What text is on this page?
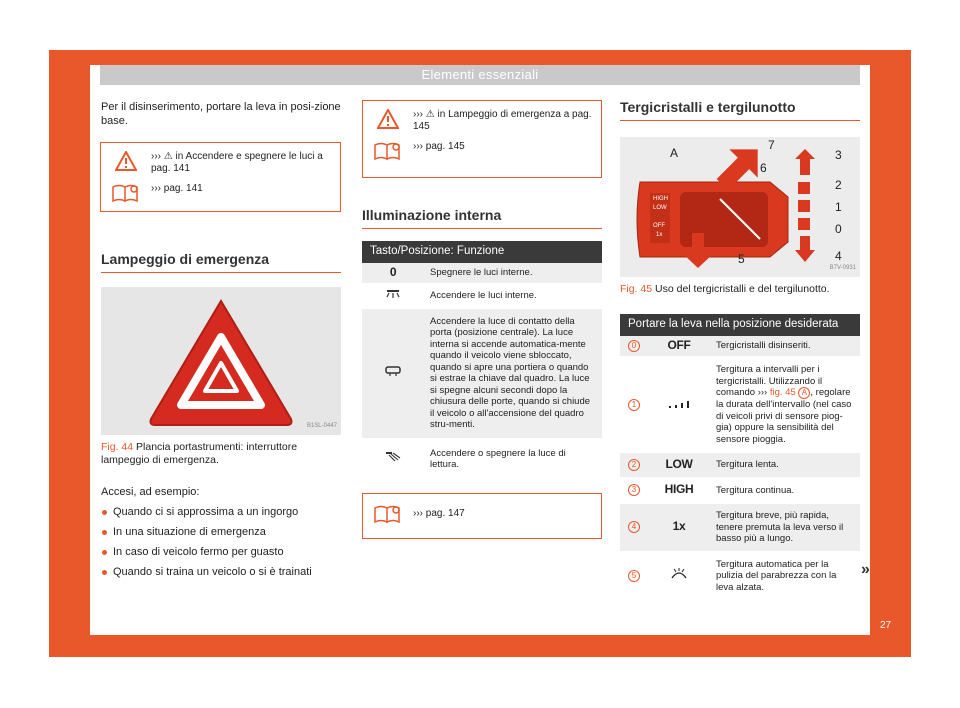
Elementi essenziali

Per il disinserimento, portare la leva in posi-zione base.

››› ⚠ in Accendere e spegnere le luci a pag. 141
››› pag. 141
Lampeggio di emergenza
B1SL-0447
Fig. 44 Plancia portastrumenti: interruttore lampeggio di emergenza.

Accesi, ad esempio:

Quando ci si approssima a un ingorgo
In una situazione di emergenza
In caso di veicolo fermo per guasto
Quando si traina un veicolo o si è trainati
››› ⚠ in Lampeggio di emergenza a pag. 145
››› pag. 145
Illuminazione interna
Tasto/Posizione: Funzione	
0	Spegnere le luci interne.
	Accendere le luci interne.
	Accendere la luce di contatto della porta (posizione centrale). La luce interna si accende automatica-mente quando il veicolo viene sbloccato, quando si apre una portiera o quando si estrae la chiave dal quadro. La luce si spegne alcuni secondi dopo la chiusura delle porte, quando si chiude il veicolo o all'accensione del quadro stru-menti.
	Accendere o spegnere la luce di lettura.
››› pag. 147
Tergicristalli e tergilunotto
HIGH
LOW
OFF
1x
A
7
6
3
2
1
0
4
5
B7V-0931
Fig. 45 Uso del tergicristalli e del tergilunotto.
Portare la leva nella posizione desiderata		
0	OFF	Tergicristalli disinseriti.
1		Tergitura a intervalli per i tergicristalli. Utilizzando il comando ››› fig. 45 A , regolare la durata dell'intervallo (nel caso di veicoli privi di sensore piog-gia) oppure la sensibilità del sensore pioggia.
2	LOW	Tergitura lenta.
3	HIGH	Tergitura continua.
4	1x	Tergitura breve, più rapida, tenere premuta la leva verso il basso più a lungo.
5		Tergitura automatica per la pulizia del parabrezza con la leva alzata.
»
27
